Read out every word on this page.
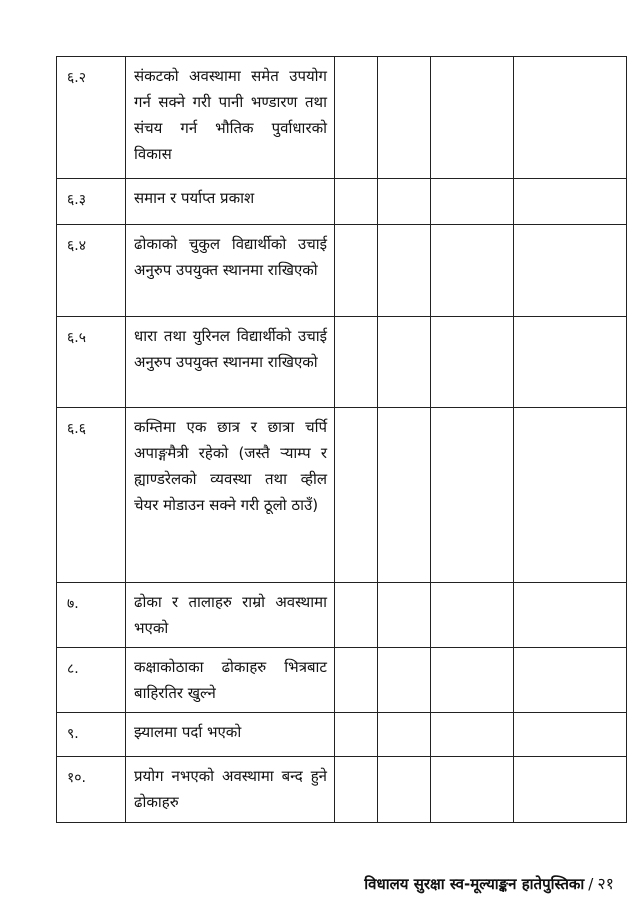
६.२	संकटको अवस्थामा समेत उपयोग गर्न सक्ने गरी पानी भण्डारण तथा संचय गर्न भौतिक पुर्वाधारको विकास				
६.३	समान र पर्याप्त प्रकाश				
६.४	ढोकाको चुकुल विद्यार्थीको उचाई अनुरुप उपयुक्त स्थानमा राखिएको				
६.५	धारा तथा युरिनल विद्यार्थीको उचाई अनुरुप उपयुक्त स्थानमा राखिएको				
६.६	कम्तिमा एक छात्र र छात्रा चर्पि अपाङ्गमैत्री रहेको (जस्तै र्‍याम्प र ह्याण्डरेलको व्यवस्था तथा व्हील चेयर मोडाउन सक्ने गरी ठूलो ठाउँ)				
७.	ढोका र तालाहरु राम्रो अवस्थामा भएको				
८.	कक्षाकोठाका ढोकाहरु भित्रबाट बाहिरतिर खुल्ने				
९.	झ्यालमा पर्दा भएको				
१०.	प्रयोग नभएको अवस्थामा बन्द हुने ढोकाहरु				
विधालय सुरक्षा स्व-मूल्याङ्कन हातेपुस्तिका / २१
